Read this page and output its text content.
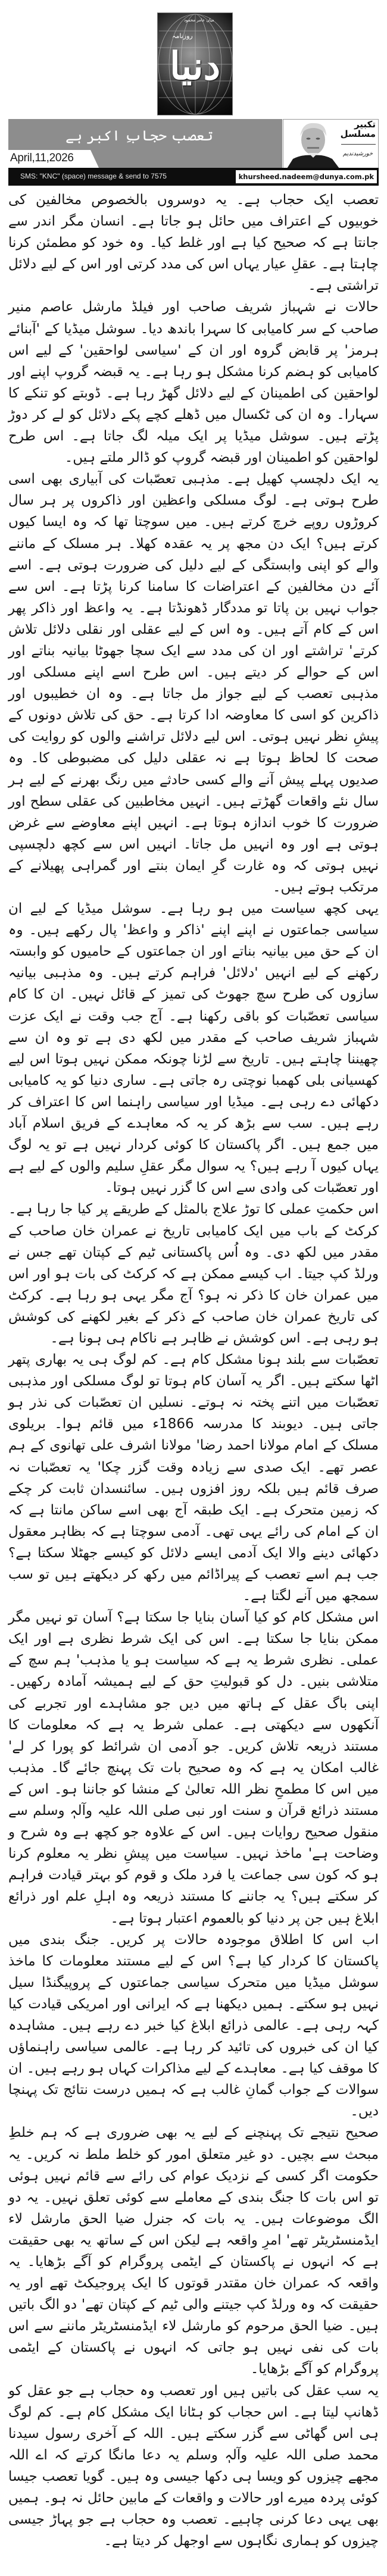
میاں عامر محمود
روزنامہ
دنیا
تعصب حجابِ اکبر ہے
April,11,2026
تکبیر
مسلسل
خورشیدندیم
SMS: "KNC" (space) message & send to 7575	khursheed.nadeem@dunya.com.pk

تعصب ایک حجاب ہے۔ یہ دوسروں بالخصوص مخالفین کی خوبیوں کے اعتراف میں حائل ہو جاتا ہے۔ انسان مگر اندر سے جانتا ہے کہ صحیح کیا ہے اور غلط کیا۔ وہ خود کو مطمئن کرنا چاہتا ہے۔ عقلِ عیار یہاں اس کی مدد کرتی اور اس کے لیے دلائل تراشتی ہے۔

حالات نے شہباز شریف صاحب اور فیلڈ مارشل عاصم منیر صاحب کے سر کامیابی کا سہرا باندھ دیا۔ سوشل میڈیا کے 'آبنائے ہرمز' پر قابض گروہ اور ان کے 'سیاسی لواحقین' کے لیے اس کامیابی کو ہضم کرنا مشکل ہو رہا ہے۔ یہ قبضہ گروپ اپنے اور لواحقین کی اطمینان کے لیے دلائل گھڑ رہا ہے۔ ڈوبتے کو تنکے کا سہارا۔ وہ ان کی ٹکسال میں ڈھلے کچے پکے دلائل کو لے کر دوڑ پڑتے ہیں۔ سوشل میڈیا پر ایک میلہ لگ جاتا ہے۔ اس طرح لواحقین کو اطمینان اور قبضہ گروپ کو ڈالر ملتے ہیں۔

یہ ایک دلچسپ کھیل ہے۔ مذہبی تعصّبات کی آبیاری بھی اسی طرح ہوتی ہے۔ لوگ مسلکی واعظین اور ذاکروں پر ہر سال کروڑوں روپے خرچ کرتے ہیں۔ میں سوچتا تھا کہ وہ ایسا کیوں کرتے ہیں؟ ایک دن مجھ پر یہ عقدہ کھلا۔ ہر مسلک کے ماننے والے کو اپنی وابستگی کے لیے دلیل کی ضرورت ہوتی ہے۔ اسے آئے دن مخالفین کے اعتراضات کا سامنا کرنا پڑتا ہے۔ اس سے جواب نہیں بن پاتا تو مددگار ڈھونڈتا ہے۔ یہ واعظ اور ذاکر پھر اس کے کام آتے ہیں۔ وہ اس کے لیے عقلی اور نقلی دلائل تلاش کرتے' تراشتے اور ان کی مدد سے ایک سچا جھوٹا بیانیہ بناتے اور اس کے حوالے کر دیتے ہیں۔ اس طرح اسے اپنے مسلکی اور مذہبی تعصب کے لیے جواز مل جاتا ہے۔ وہ ان خطیبوں اور ذاکرین کو اسی کا معاوضہ ادا کرتا ہے۔ حق کی تلاش دونوں کے پیشِ نظر نہیں ہوتی۔ اس لیے دلائل تراشنے والوں کو روایت کی صحت کا لحاظ ہوتا ہے نہ عقلی دلیل کی مضبوطی کا۔ وہ صدیوں پہلے پیش آنے والے کسی حادثے میں رنگ بھرنے کے لیے ہر سال نئے واقعات گھڑتے ہیں۔ انہیں مخاطبین کی عقلی سطح اور ضرورت کا خوب اندازہ ہوتا ہے۔ انہیں اپنے معاوضے سے غرض ہوتی ہے اور وہ انہیں مل جاتا۔ انہیں اس سے کچھ دلچسپی نہیں ہوتی کہ وہ غارت گرِ ایمان بنتے اور گمراہی پھیلانے کے مرتکب ہوتے ہیں۔

یہی کچھ سیاست میں ہو رہا ہے۔ سوشل میڈیا کے لیے ان سیاسی جماعتوں نے اپنے اپنے 'ذاکر و واعظ' پال رکھے ہیں۔ وہ ان کے حق میں بیانیہ بناتے اور ان جماعتوں کے حامیوں کو وابستہ رکھنے کے لیے انہیں 'دلائل' فراہم کرتے ہیں۔ وہ مذہبی بیانیہ سازوں کی طرح سچ جھوٹ کی تمیز کے قائل نہیں۔ ان کا کام سیاسی تعصّبات کو باقی رکھنا ہے۔ آج جب وقت نے ایک عزت شہباز شریف صاحب کے مقدر میں لکھ دی ہے تو وہ ان سے چھیننا چاہتے ہیں۔ تاریخ سے لڑنا چونکہ ممکن نہیں ہوتا اس لیے کھسیانی بلی کھمبا نوچتی رہ جاتی ہے۔ ساری دنیا کو یہ کامیابی دکھائی دے رہی ہے۔ میڈیا اور سیاسی راہنما اس کا اعتراف کر رہے ہیں۔ سب سے بڑھ کر یہ کہ معاہدے کے فریق اسلام آباد میں جمع ہیں۔ اگر پاکستان کا کوئی کردار نہیں ہے تو یہ لوگ یہاں کیوں آ رہے ہیں؟ یہ سوال مگر عقلِ سلیم والوں کے لیے ہے اور تعصّبات کی وادی سے اس کا گزر نہیں ہوتا۔

اس حکمتِ عملی کا توڑ علاج بالمثل کے طریقے پر کیا جا رہا ہے۔ کرکٹ کے باب میں ایک کامیابی تاریخ نے عمران خان صاحب کے مقدر میں لکھ دی۔ وہ اُس پاکستانی ٹیم کے کپتان تھے جس نے ورلڈ کپ جیتا۔ اب کیسے ممکن ہے کہ کرکٹ کی بات ہو اور اس میں عمران خان کا ذکر نہ ہو؟ آج مگر یہی ہو رہا ہے۔ کرکٹ کی تاریخ عمران خان صاحب کے ذکر کے بغیر لکھنے کی کوشش ہو رہی ہے۔ اس کوشش نے ظاہر ہے ناکام ہی ہونا ہے۔

تعصّبات سے بلند ہونا مشکل کام ہے۔ کم لوگ ہی یہ بھاری پتھر اٹھا سکتے ہیں۔ اگر یہ آسان کام ہوتا تو لوگ مسلکی اور مذہبی تعصّبات میں اتنے پختہ نہ ہوتے۔ نسلیں ان تعصّبات کی نذر ہو جاتی ہیں۔ دیوبند کا مدرسہ 1866ء میں قائم ہوا۔ بریلوی مسلک کے امام مولانا احمد رضا' مولانا اشرف علی تھانوی کے ہم عصر تھے۔ ایک صدی سے زیادہ وقت گزر چکا' یہ تعصّبات نہ صرف قائم ہیں بلکہ روز افزوں ہیں۔ سائنسدان ثابت کر چکے کہ زمین متحرک ہے۔ ایک طبقہ آج بھی اسے ساکن مانتا ہے کہ ان کے امام کی رائے یہی تھی۔ آدمی سوچتا ہے کہ بظاہر معقول دکھائی دینے والا ایک آدمی ایسے دلائل کو کیسے جھٹلا سکتا ہے؟ جب ہم اسے تعصب کے پیراڈائم میں رکھ کر دیکھتے ہیں تو سب سمجھ میں آنے لگتا ہے۔

اس مشکل کام کو کیا آسان بنایا جا سکتا ہے؟ آسان تو نہیں مگر ممکن بنایا جا سکتا ہے۔ اس کی ایک شرط نظری ہے اور ایک عملی۔ نظری شرط یہ ہے کہ سیاست ہو یا مذہب' ہم سچ کے متلاشی بنیں۔ دل کو قبولیتِ حق کے لیے ہمیشہ آمادہ رکھیں۔ اپنی باگ عقل کے ہاتھ میں دیں جو مشاہدے اور تجربے کی آنکھوں سے دیکھتی ہے۔ عملی شرط یہ ہے کہ معلومات کا مستند ذریعہ تلاش کریں۔ جو آدمی ان شرائط کو پورا کر لے' غالب امکان یہ ہے کہ وہ صحیح بات تک پہنچ جائے گا۔ مذہب میں اس کا مطمحِ نظر اللہ تعالیٰ کے منشا کو جاننا ہو۔ اس کے مستند ذرائع قرآن و سنت اور نبی صلی اللہ علیہ وآلہٖ وسلم سے منقول صحیح روایات ہیں۔ اس کے علاوہ جو کچھ ہے وہ شرح و وضاحت ہے' ماخذ نہیں۔ سیاست میں پیشِ نظر یہ معلوم کرنا ہو کہ کون سی جماعت یا فرد ملک و قوم کو بہتر قیادت فراہم کر سکتے ہیں؟ یہ جاننے کا مستند ذریعہ وہ اہلِ علم اور ذرائع ابلاغ ہیں جن پر دنیا کو بالعموم اعتبار ہوتا ہے۔

اب اس کا اطلاق موجودہ حالات پر کریں۔ جنگ بندی میں پاکستان کا کردار کیا ہے؟ اس کے لیے مستند معلومات کا ماخذ سوشل میڈیا میں متحرک سیاسی جماعتوں کے پروپیگنڈا سیل نہیں ہو سکتے۔ ہمیں دیکھنا ہے کہ ایرانی اور امریکی قیادت کیا کہہ رہی ہے۔ عالمی ذرائع ابلاغ کیا خبر دے رہے ہیں۔ مشاہدہ کیا ان کی خبروں کی تائید کر رہا ہے۔ عالمی سیاسی راہنماؤں کا موقف کیا ہے۔ معاہدے کے لیے مذاکرات کہاں ہو رہے ہیں۔ ان سوالات کے جواب گمانِ غالب ہے کہ ہمیں درست نتائج تک پہنچا دیں۔

صحیح نتیجے تک پہنچنے کے لیے یہ بھی ضروری ہے کہ ہم خلطِ مبحث سے بچیں۔ دو غیر متعلق امور کو خلط ملط نہ کریں۔ یہ حکومت اگر کسی کے نزدیک عوام کی رائے سے قائم نہیں ہوئی تو اس بات کا جنگ بندی کے معاملے سے کوئی تعلق نہیں۔ یہ دو الگ موضوعات ہیں۔ یہ بات کہ جنرل ضیا الحق مارشل لاء ایڈمنسٹریٹر تھے' امرِ واقعہ ہے لیکن اس کے ساتھ یہ بھی حقیقت ہے کہ انہوں نے پاکستان کے ایٹمی پروگرام کو آگے بڑھایا۔ یہ واقعہ کہ عمران خان مقتدر قوتوں کا ایک پروجیکٹ تھے اور یہ حقیقت کہ وہ ورلڈ کپ جیتنے والی ٹیم کے کپتان تھے' دو الگ باتیں ہیں۔ ضیا الحق مرحوم کو مارشل لاء ایڈمنسٹریٹر ماننے سے اس بات کی نفی نہیں ہو جاتی کہ انہوں نے پاکستان کے ایٹمی پروگرام کو آگے بڑھایا۔

یہ سب عقل کی باتیں ہیں اور تعصب وہ حجاب ہے جو عقل کو ڈھانپ لیتا ہے۔ اس حجاب کو ہٹانا ایک مشکل کام ہے۔ کم لوگ ہی اس گھاٹی سے گزر سکتے ہیں۔ اللہ کے آخری رسول سیدنا محمد صلی اللہ علیہ وآلہٖ وسلم یہ دعا مانگا کرتے کہ اے اللہ مجھے چیزوں کو ویسا ہی دکھا جیسی وہ ہیں۔ گویا تعصب جیسا کوئی پردہ میرے اور حالات و واقعات کے مابین حائل نہ ہو۔ ہمیں بھی یہی دعا کرنی چاہیے۔ تعصب وہ حجاب ہے جو پہاڑ جیسی چیزوں کو ہماری نگاہوں سے اوجھل کر دیتا ہے۔
